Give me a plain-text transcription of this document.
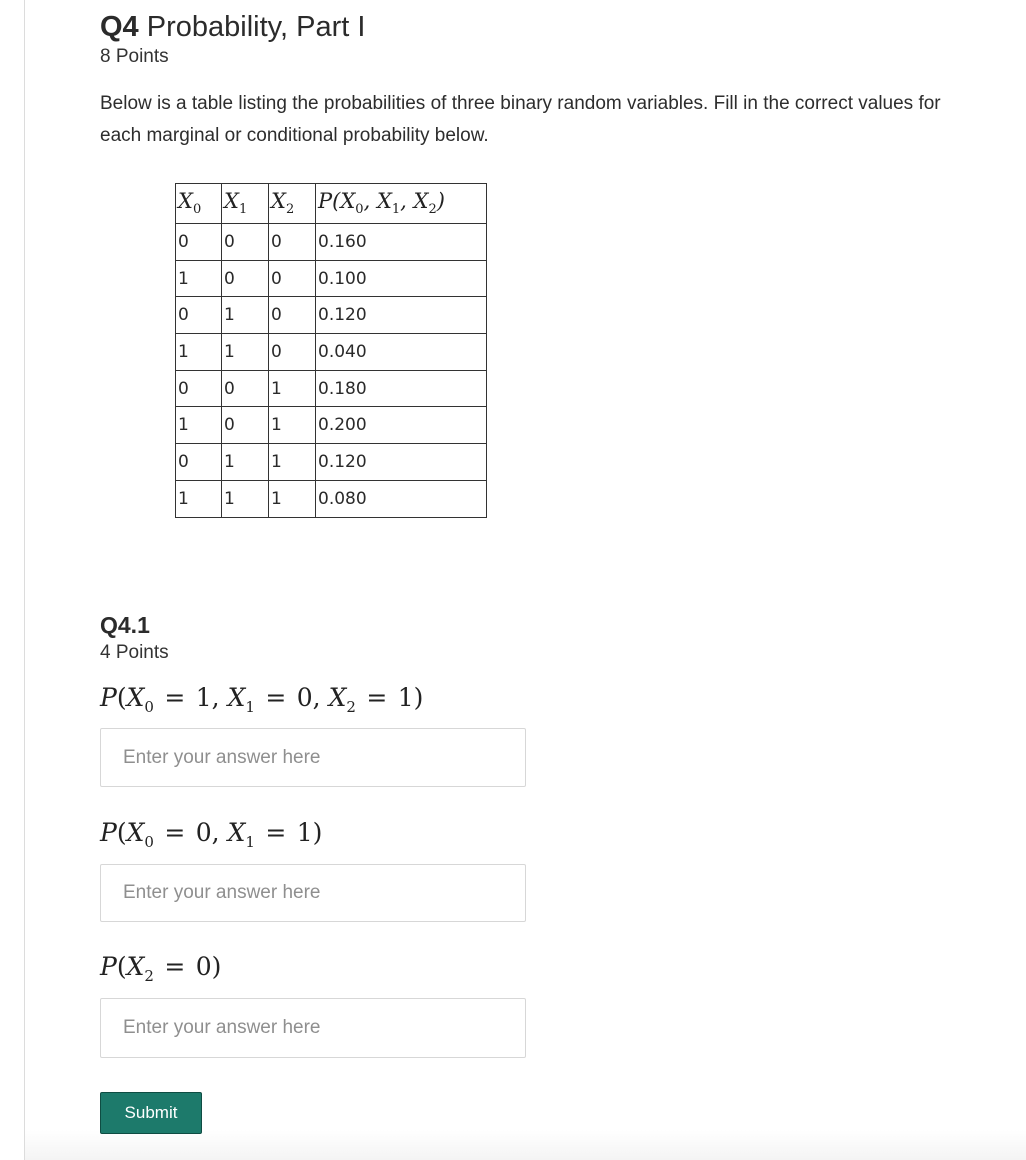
Q4 Probability, Part I
8 Points
Below is a table listing the probabilities of three binary random variables. Fill in the correct values for each marginal or conditional probability below.
$X_0$	$X_1$	$X_2$	$P(X_0$, $X_1$, $X_2$)
0	0	0	0.160
1	0	0	0.100
0	1	0	0.120
1	1	0	0.040
0	0	1	0.180
1	0	1	0.200
0	1	1	0.120
1	1	1	0.080
Q4.1
4 Points
$P(X_0$  =  1, $X_1$  =  0, $X_2$  =  1)
Enter your answer here
$P(X_0$  =  0, $X_1$  =  1)
Enter your answer here
$P(X_2$  =  0)
Enter your answer here
Submit
